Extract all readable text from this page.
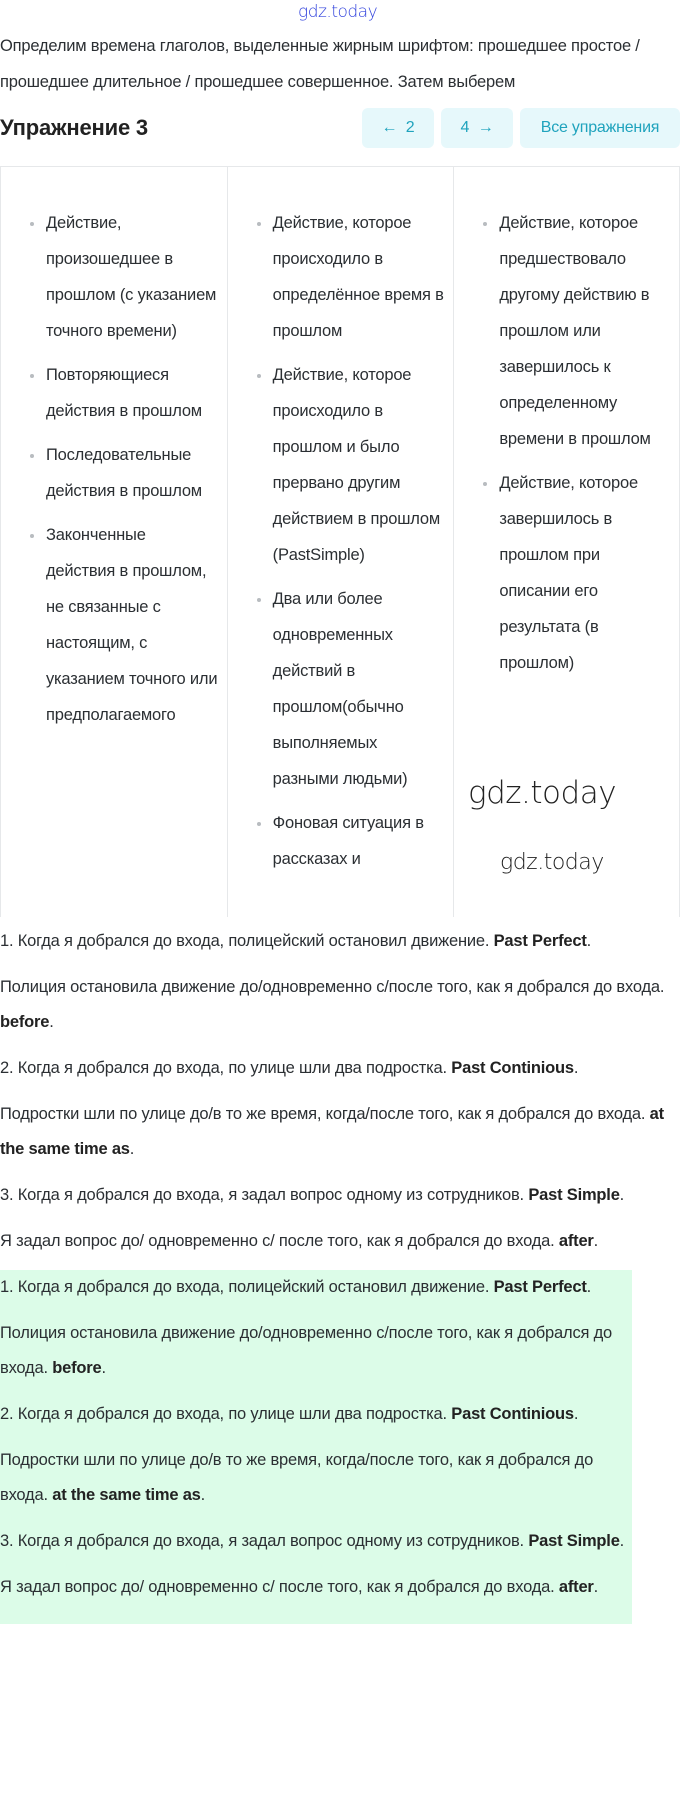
gdz.today

Определим времена глаголов, выделенные жирным шрифтом: прошедшее простое / прошедшее длительное / прошедшее совершенное. Затем выберем

Упражнение 3	← 2	4 →	Все упражнения
Действие, произошедшее в прошлом (с указанием точного времени)
Повторяющиеся действия в прошлом
Последовательные действия в прошлом
Законченные действия в прошлом, не связанные с настоящим, с указанием точного или предполагаемого
Действие, которое происходило в определённое время в прошлом
Действие, которое происходило в прошлом и было прервано другим действием в прошлом (PastSimple)
Два или более одновременных действий в прошлом(обычно выполняемых разными людьми)
Фоновая ситуация в рассказах и
Действие, которое предшествовало другому действию в прошлом или завершилось к определенному времени в прошлом
Действие, которое завершилось в прошлом при описании его результата (в прошлом)

1. Когда я добрался до входа, полицейский остановил движение. Past Perfect.

Полиция остановила движение до/одновременно с/после того, как я добрался до входа. before.

2. Когда я добрался до входа, по улице шли два подростка. Past Continious.

Подростки шли по улице до/в то же время, когда/после того, как я добрался до входа. at the same time as.

3. Когда я добрался до входа, я задал вопрос одному из сотрудников. Past Simple.

Я задал вопрос до/ одновременно с/ после того, как я добрался до входа. after.

1. Когда я добрался до входа, полицейский остановил движение. Past Perfect.

Полиция остановила движение до/одновременно с/после того, как я добрался до входа. before.

2. Когда я добрался до входа, по улице шли два подростка. Past Continious.

Подростки шли по улице до/в то же время, когда/после того, как я добрался до входа. at the same time as.

3. Когда я добрался до входа, я задал вопрос одному из сотрудников. Past Simple.

Я задал вопрос до/ одновременно с/ после того, как я добрался до входа. after.

gdz.today
gdz.today
